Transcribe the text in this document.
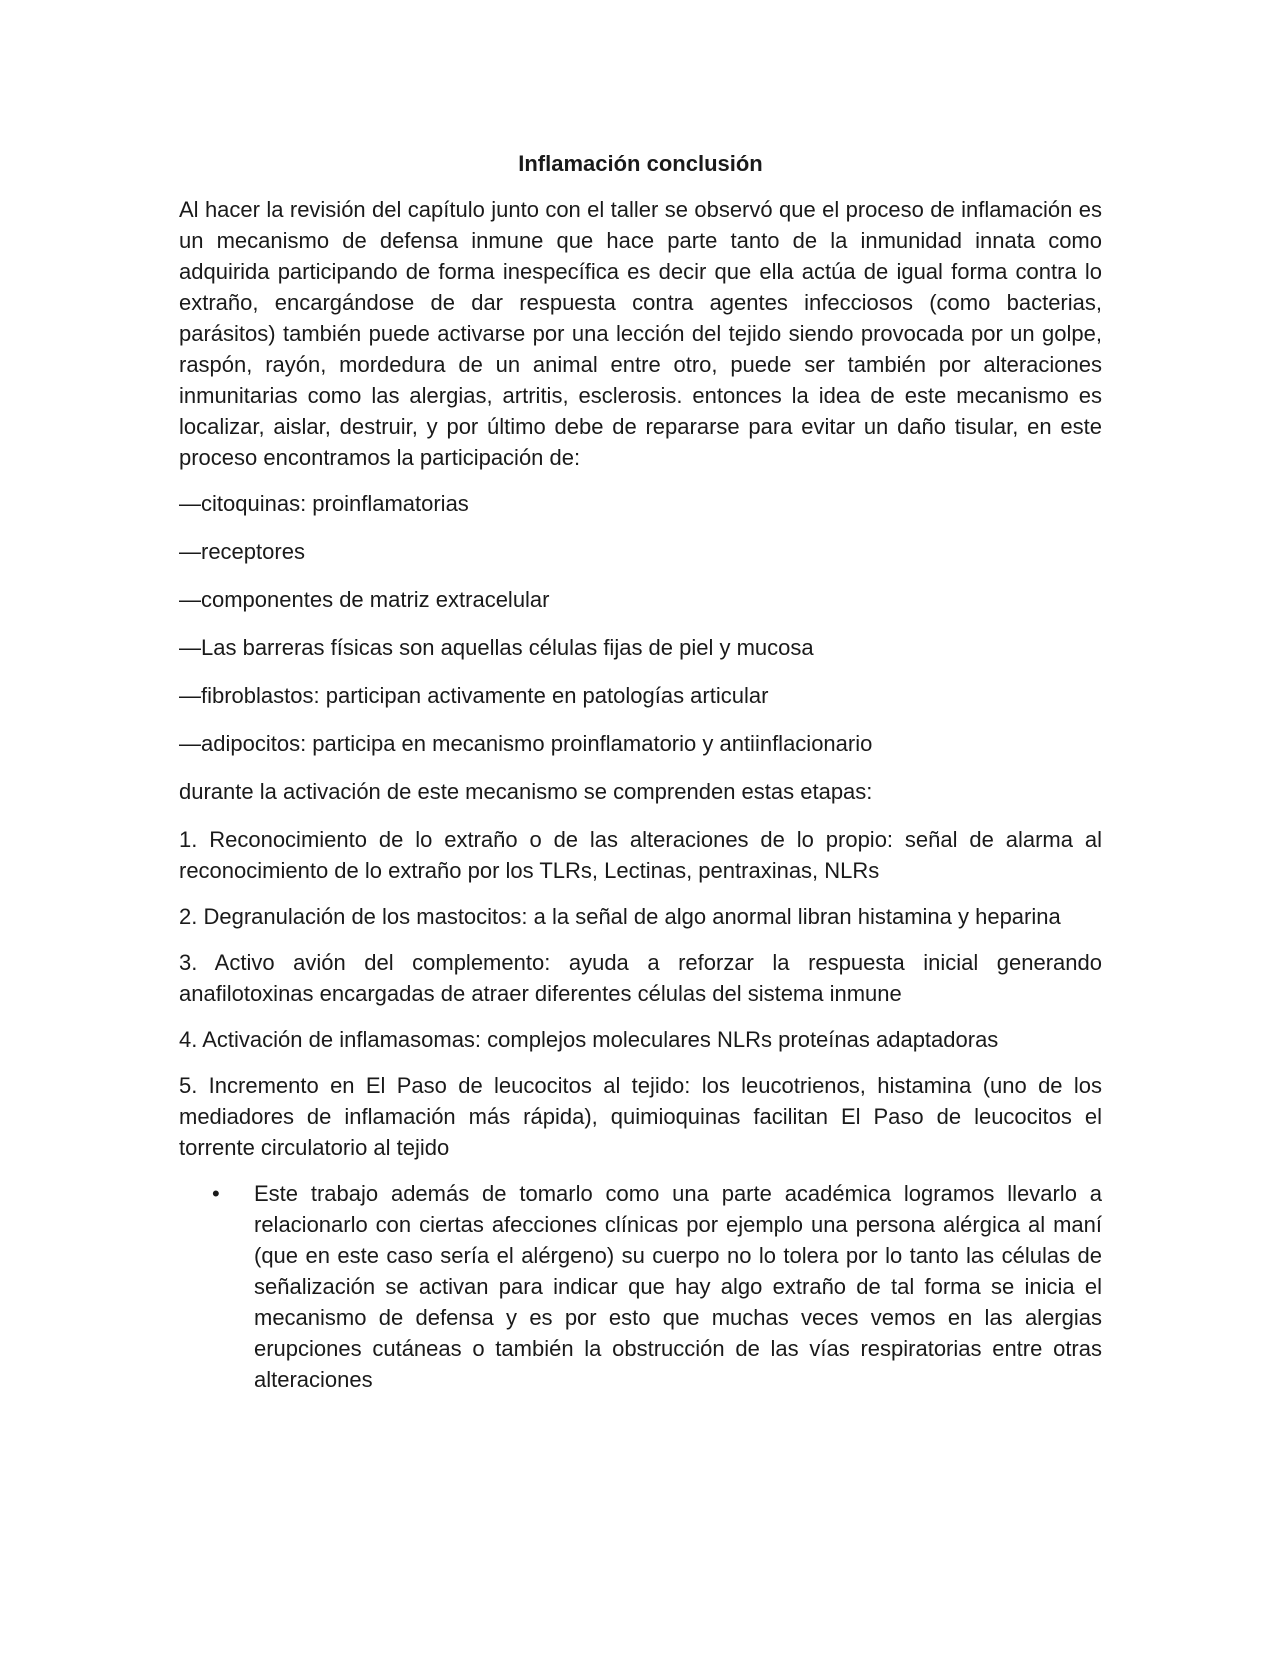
Inflamación conclusión
Al hacer la revisión del capítulo junto con el taller se observó que el proceso de inflamación es un mecanismo de defensa inmune que hace parte tanto de la inmunidad innata como adquirida participando de forma inespecífica es decir que ella actúa de igual forma contra lo extraño, encargándose de dar respuesta contra agentes infecciosos (como bacterias, parásitos) también puede activarse por una lección del tejido siendo provocada por un golpe, raspón, rayón, mordedura de un animal entre otro, puede ser también por alteraciones inmunitarias como las alergias, artritis, esclerosis. entonces la idea de este mecanismo es localizar, aislar, destruir, y por último debe de repararse para evitar un daño tisular, en este proceso encontramos la participación de:
—citoquinas: proinflamatorias
—receptores
—componentes de matriz extracelular
—Las barreras físicas son aquellas células fijas de piel y mucosa
—fibroblastos: participan activamente en patologías articular
—adipocitos: participa en mecanismo proinflamatorio y antiinflacionario
durante la activación de este mecanismo se comprenden estas etapas:
1. Reconocimiento de lo extraño o de las alteraciones de lo propio: señal de alarma al reconocimiento de lo extraño por los TLRs, Lectinas, pentraxinas, NLRs
2. Degranulación de los mastocitos: a la señal de algo anormal libran histamina y heparina
3. Activo avión del complemento: ayuda a reforzar la respuesta inicial generando anafilotoxinas encargadas de atraer diferentes células del sistema inmune
4. Activación de inflamasomas: complejos moleculares NLRs proteínas adaptadoras
5. Incremento en El Paso de leucocitos al tejido: los leucotrienos, histamina (uno de los mediadores de inflamación más rápida), quimioquinas facilitan El Paso de leucocitos el torrente circulatorio al tejido
• Este trabajo además de tomarlo como una parte académica logramos llevarlo a relacionarlo con ciertas afecciones clínicas por ejemplo una persona alérgica al maní (que en este caso sería el alérgeno) su cuerpo no lo tolera por lo tanto las células de señalización se activan para indicar que hay algo extraño de tal forma se inicia el mecanismo de defensa y es por esto que muchas veces vemos en las alergias erupciones cutáneas o también la obstrucción de las vías respiratorias entre otras alteraciones
